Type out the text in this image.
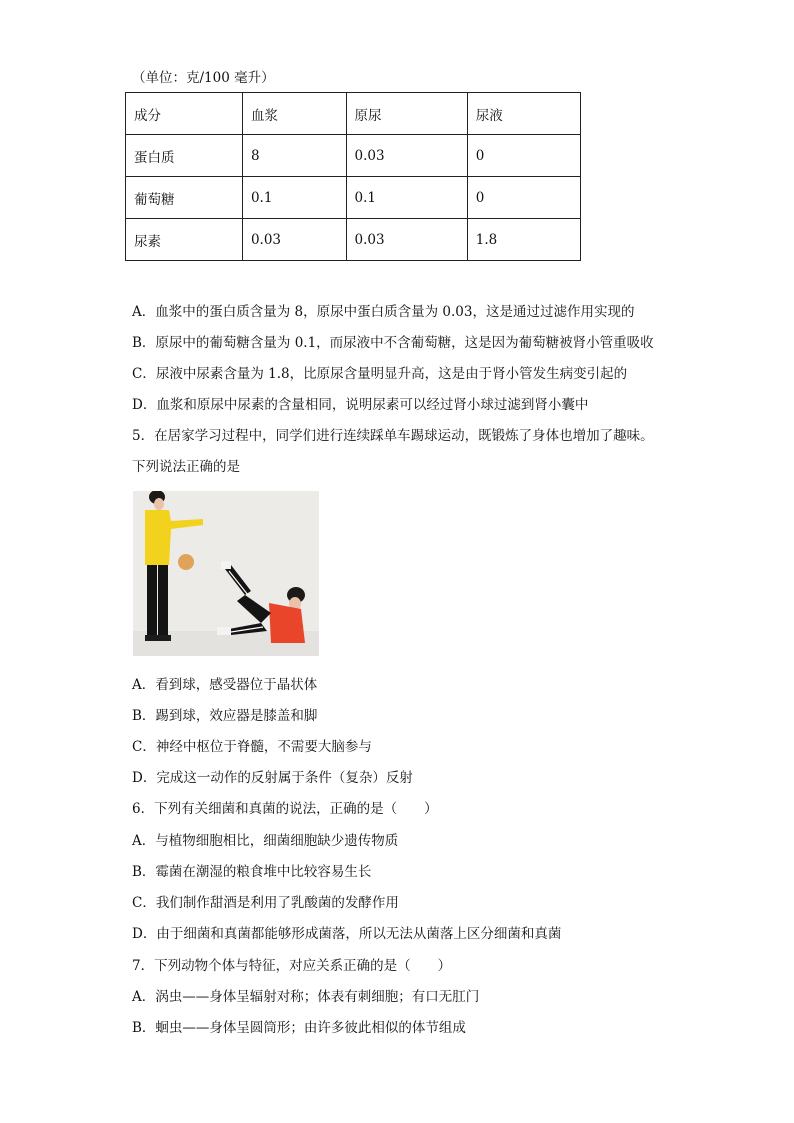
（单位：克/100 毫升）
成分	血浆	原尿	尿液
蛋白质	8	0.03	0
葡萄糖	0.1	0.1	0
尿素	0.03	0.03	1.8
A．血浆中的蛋白质含量为 8，原尿中蛋白质含量为 0.03，这是通过过滤作用实现的
B．原尿中的葡萄糖含量为 0.1，而尿液中不含葡萄糖，这是因为葡萄糖被肾小管重吸收
C．尿液中尿素含量为 1.8，比原尿含量明显升高，这是由于肾小管发生病变引起的
D．血浆和原尿中尿素的含量相同，说明尿素可以经过肾小球过滤到肾小囊中
5．在居家学习过程中，同学们进行连续踩单车踢球运动，既锻炼了身体也增加了趣味。
下列说法正确的是
A．看到球，感受器位于晶状体
B．踢到球，效应器是膝盖和脚
C．神经中枢位于脊髓，不需要大脑参与
D．完成这一动作的反射属于条件（复杂）反射
6．下列有关细菌和真菌的说法，正确的是（　　）
A．与植物细胞相比，细菌细胞缺少遗传物质
B．霉菌在潮湿的粮食堆中比较容易生长
C．我们制作甜酒是利用了乳酸菌的发酵作用
D．由于细菌和真菌都能够形成菌落，所以无法从菌落上区分细菌和真菌
7．下列动物个体与特征，对应关系正确的是（　　）
A．涡虫——身体呈辐射对称；体表有刺细胞；有口无肛门
B．蛔虫——身体呈圆筒形；由许多彼此相似的体节组成
